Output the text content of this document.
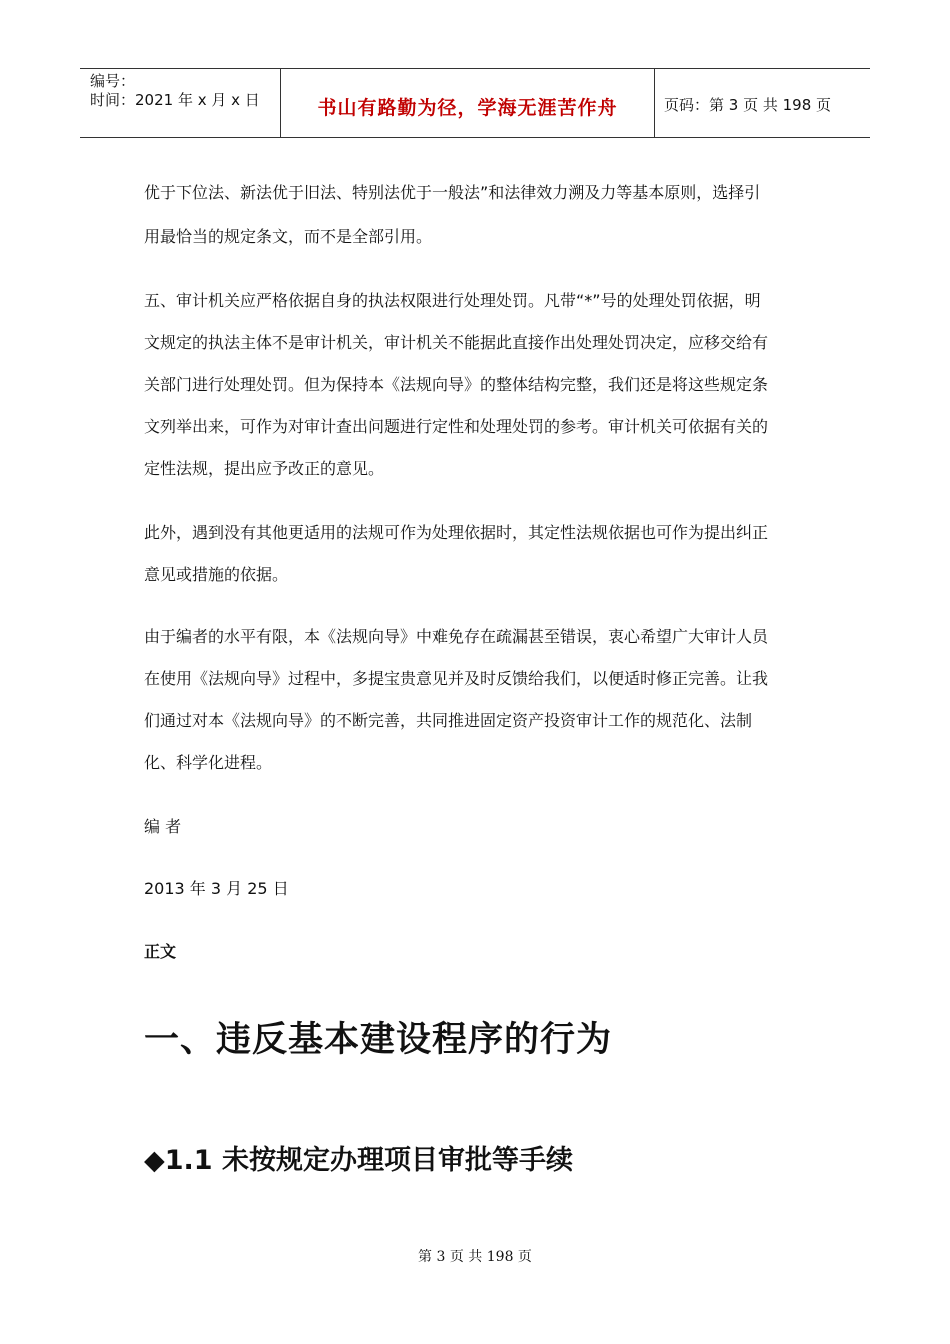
编号：
时间：2021 年 x 月 x 日	书山有路勤为径，学海无涯苦作舟	页码：第 3 页 共 198 页
优于下位法、新法优于旧法、特别法优于一般法”和法律效力溯及力等基本原则，选择引
用最恰当的规定条文，而不是全部引用。
五、审计机关应严格依据自身的执法权限进行处理处罚。凡带“*”号的处理处罚依据，明
文规定的执法主体不是审计机关，审计机关不能据此直接作出处理处罚决定，应移交给有
关部门进行处理处罚。但为保持本《法规向导》的整体结构完整，我们还是将这些规定条
文列举出来，可作为对审计查出问题进行定性和处理处罚的参考。审计机关可依据有关的
定性法规，提出应予改正的意见。
此外，遇到没有其他更适用的法规可作为处理依据时，其定性法规依据也可作为提出纠正
意见或措施的依据。
由于编者的水平有限，本《法规向导》中难免存在疏漏甚至错误，衷心希望广大审计人员
在使用《法规向导》过程中，多提宝贵意见并及时反馈给我们，以便适时修正完善。让我
们通过对本《法规向导》的不断完善，共同推进固定资产投资审计工作的规范化、法制
化、科学化进程。
编 者
2013 年 3 月 25 日
正文
一、违反基本建设程序的行为
◆1.1 未按规定办理项目审批等手续
第 3 页 共 198 页
